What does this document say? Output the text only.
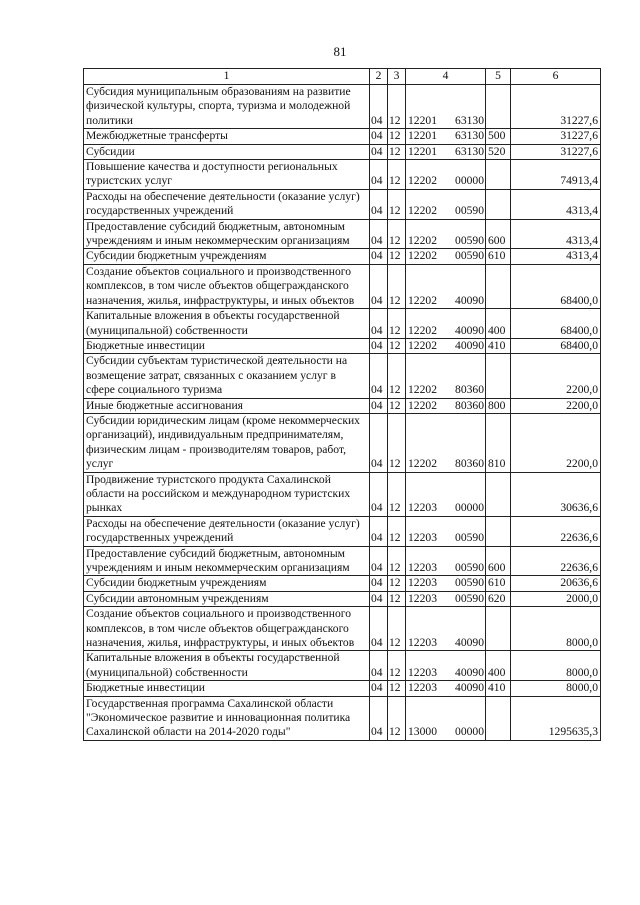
81
1	2	3	4	5	6
Субсидия муниципальным образованиям на развитие физической культуры, спорта, туризма и молодежной политики	04	12	12201 63130		31227,6
Межбюджетные трансферты	04	12	12201 63130	500	31227,6
Субсидии	04	12	12201 63130	520	31227,6
Повышение качества и доступности региональных туристских услуг	04	12	12202 00000		74913,4
Расходы на обеспечение деятельности (оказание услуг) государственных учреждений	04	12	12202 00590		4313,4
Предоставление субсидий бюджетным, автономным учреждениям и иным некоммерческим организациям	04	12	12202 00590	600	4313,4
Субсидии бюджетным учреждениям	04	12	12202 00590	610	4313,4
Создание объектов социального и производственного комплексов, в том числе объектов общегражданского назначения, жилья, инфраструктуры, и иных объектов	04	12	12202 40090		68400,0
Капитальные вложения в объекты государственной (муниципальной) собственности	04	12	12202 40090	400	68400,0
Бюджетные инвестиции	04	12	12202 40090	410	68400,0
Субсидии субъектам туристической деятельности на возмещение затрат, связанных с оказанием услуг в сфере социального туризма	04	12	12202 80360		2200,0
Иные бюджетные ассигнования	04	12	12202 80360	800	2200,0
Субсидии юридическим лицам (кроме некоммерческих организаций), индивидуальным предпринимателям, физическим лицам - производителям товаров, работ, услуг	04	12	12202 80360	810	2200,0
Продвижение туристского продукта Сахалинской области на российском и международном туристских рынках	04	12	12203 00000		30636,6
Расходы на обеспечение деятельности (оказание услуг) государственных учреждений	04	12	12203 00590		22636,6
Предоставление субсидий бюджетным, автономным учреждениям и иным некоммерческим организациям	04	12	12203 00590	600	22636,6
Субсидии бюджетным учреждениям	04	12	12203 00590	610	20636,6
Субсидии автономным учреждениям	04	12	12203 00590	620	2000,0
Создание объектов социального и производственного комплексов, в том числе объектов общегражданского назначения, жилья, инфраструктуры, и иных объектов	04	12	12203 40090		8000,0
Капитальные вложения в объекты государственной (муниципальной) собственности	04	12	12203 40090	400	8000,0
Бюджетные инвестиции	04	12	12203 40090	410	8000,0
Государственная программа Сахалинской области "Экономическое развитие и инновационная политика Сахалинской области на 2014-2020 годы"	04	12	13000 00000		1295635,3
